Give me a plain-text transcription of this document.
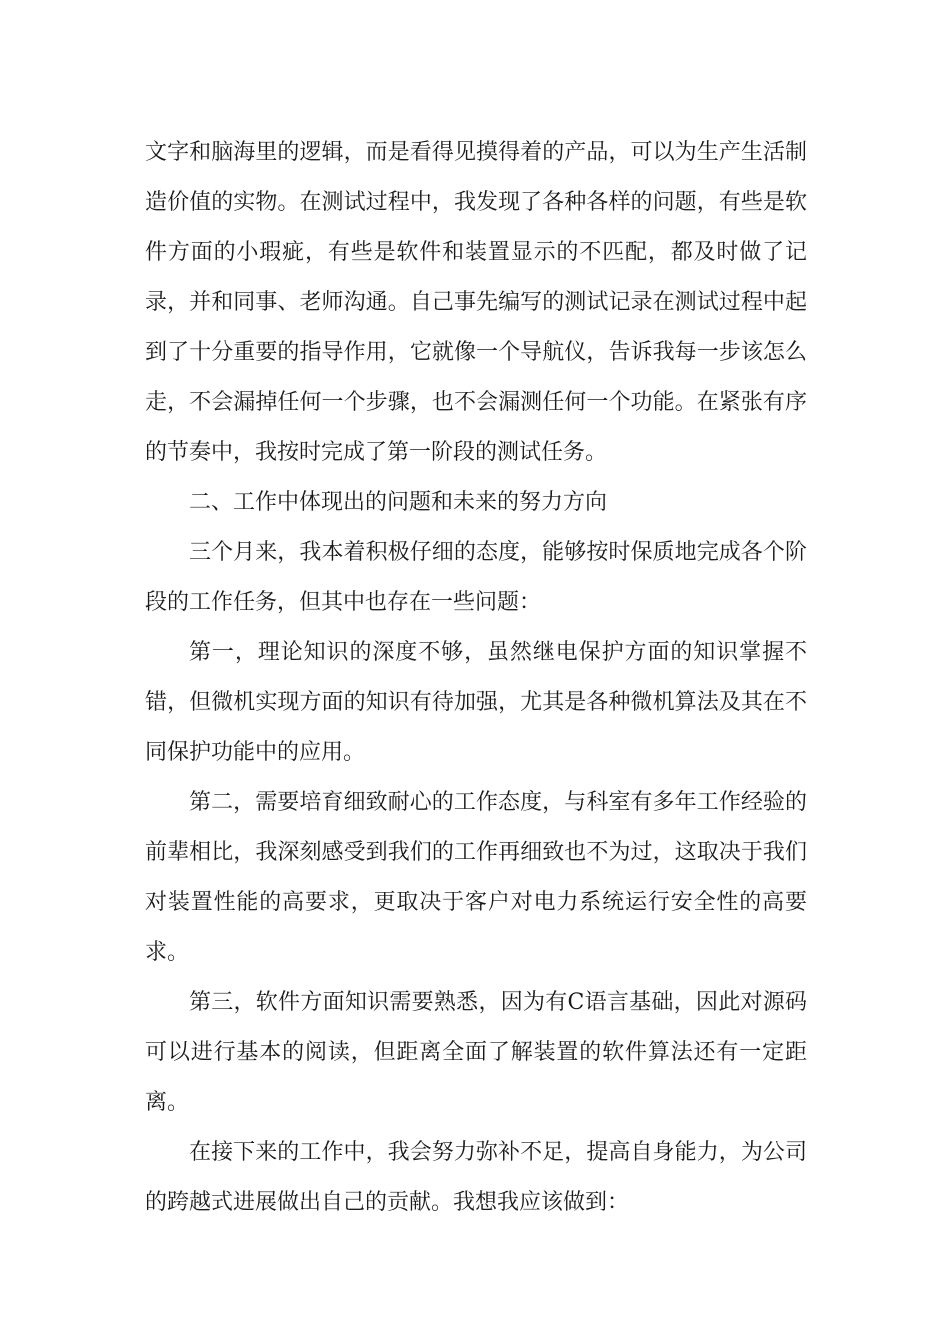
文字和脑海里的逻辑，而是看得见摸得着的产品，可以为生产生活制造价值的实物。在测试过程中，我发现了各种各样的问题，有些是软件方面的小瑕疵，有些是软件和装置显示的不匹配，都及时做了记录，并和同事、老师沟通。自己事先编写的测试记录在测试过程中起到了十分重要的指导作用，它就像一个导航仪，告诉我每一步该怎么走，不会漏掉任何一个步骤，也不会漏测任何一个功能。在紧张有序的节奏中，我按时完成了第一阶段的测试任务。

二、工作中体现出的问题和未来的努力方向

三个月来，我本着积极仔细的态度，能够按时保质地完成各个阶段的工作任务，但其中也存在一些问题：

第一，理论知识的深度不够，虽然继电保护方面的知识掌握不错，但微机实现方面的知识有待加强，尤其是各种微机算法及其在不同保护功能中的应用。

第二，需要培育细致耐心的工作态度，与科室有多年工作经验的前辈相比，我深刻感受到我们的工作再细致也不为过，这取决于我们对装置性能的高要求，更取决于客户对电力系统运行安全性的高要求。

第三，软件方面知识需要熟悉，因为有C语言基础，因此对源码可以进行基本的阅读，但距离全面了解装置的软件算法还有一定距离。

在接下来的工作中，我会努力弥补不足，提高自身能力，为公司的跨越式进展做出自己的贡献。我想我应该做到：
